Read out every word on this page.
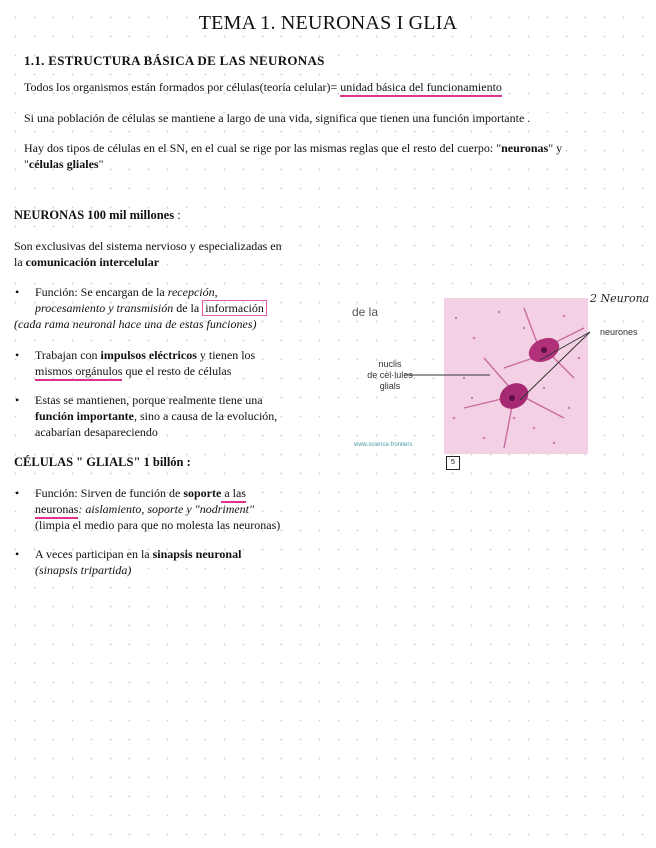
TEMA 1. NEURONAS I GLIA
1.1. ESTRUCTURA BÁSICA DE LAS NEURONAS
Todos los organismos están formados por células(teoría celular)= unidad básica del funcionamiento
Si una población de células se mantiene a largo de una vida, significa que tienen una función importante .
Hay dos tipos de células en el SN, en el cual se rige por las mismas reglas que el resto del cuerpo: "neuronas" y
"células gliales"
NEURONAS 100 mil millones :
Son exclusivas del sistema nervioso y especializadas en
la comunicación intercelular
• Función: Se encargan de la recepción,
procesamiento y transmisión de la información
(cada rama neuronal hace una de estas funciones)
• Trabajan con impulsos eléctricos y tienen los
mismos orgánulos que el resto de células
• Estas se mantienen, porque realmente tiene una
función importante, sino a causa de la evolución,
acabarían desapareciendo
CÉLULAS " GLIALS" 1 billón :
• Función: Sirven de función de soporte a las
neuronas: aislamiento, soporte y "nodriment"
(limpia el medio para que no molesta las neuronas)
• A veces participan en la sinapsis neuronal
(sinapsis tripartida)
de la
nuclis
de cèl·lules
glials
neurones
2 Neurona
www.science-frontiers
5
